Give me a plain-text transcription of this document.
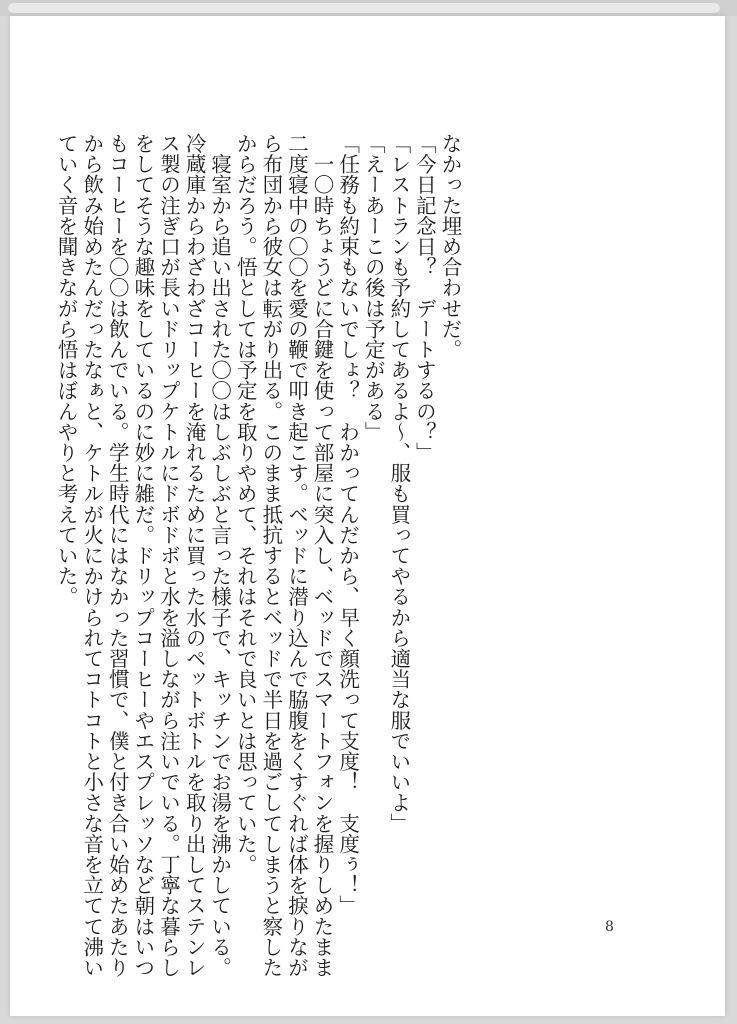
なかった埋め合わせだ。
「今日記念日？　デートするの？」
「レストランも予約してあるよ〜、服も買ってやるから適当な服でいいよ」
「えーあーこの後は予定がある」
「任務も約束もないでしょ？　わかってんだから、早く顔洗って支度！　支度ぅ！」
　一〇時ちょうどに合鍵を使って部屋に突入し、ベッドでスマートフォンを握りしめたまま
二度寝中の〇〇を愛の鞭で叩き起こす。ベッドに潜り込んで脇腹をくすぐれば体を捩りなが
ら布団から彼女は転がり出る。このまま抵抗するとベッドで半日を過ごしてしまうと察した
からだろう。悟としては予定を取りやめて、それはそれで良いとは思っていた。
　寝室から追い出された〇〇はしぶしぶと言った様子で、キッチンでお湯を沸かしている。
冷蔵庫からわざわざコーヒーを淹れるために買った水のペットボトルを取り出してステンレ
ス製の注ぎ口が長いドリップケトルにドボドボと水を溢しながら注いでいる。丁寧な暮らし
をしてそうな趣味をしているのに妙に雑だ。ドリップコーヒーやエスプレッソなど朝はいつ
もコーヒーを〇〇は飲んでいる。学生時代にはなかった習慣で、僕と付き合い始めたあたり
から飲み始めたんだったなぁと、ケトルが火にかけられてコトコトと小さな音を立てて沸い
ていく音を聞きながら悟はぼんやりと考えていた。
8
